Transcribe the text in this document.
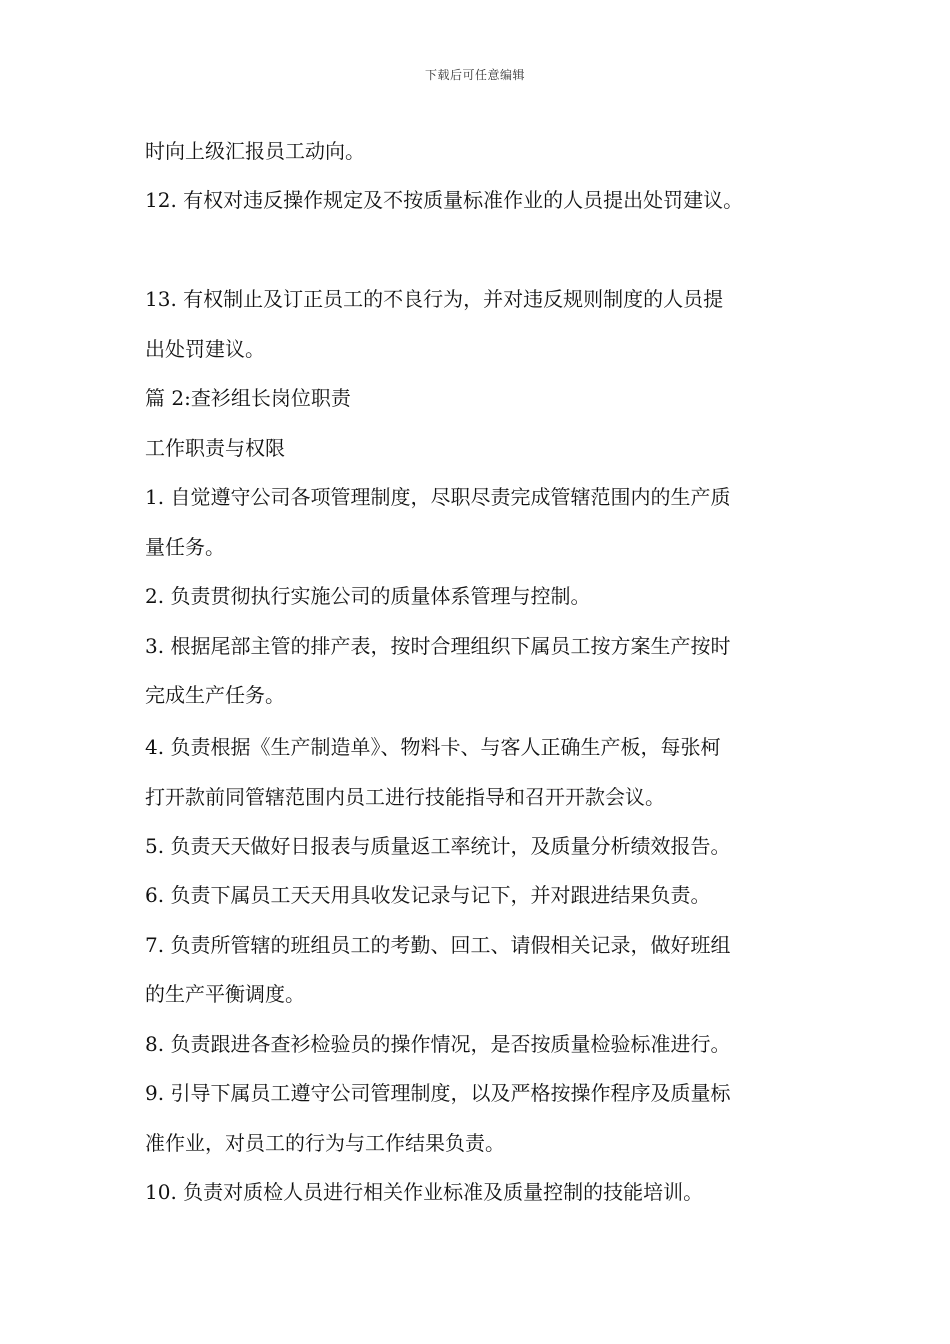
下载后可任意编辑
时向上级汇报员工动向。
12. 有权对违反操作规定及不按质量标准作业的人员提出处罚建议。
13. 有权制止及订正员工的不良行为，并对违反规则制度的人员提
出处罚建议。
篇 2:查衫组长岗位职责
工作职责与权限
1. 自觉遵守公司各项管理制度，尽职尽责完成管辖范围内的生产质
量任务。
2. 负责贯彻执行实施公司的质量体系管理与控制。
3. 根据尾部主管的排产表，按时合理组织下属员工按方案生产按时
完成生产任务。
4. 负责根据《生产制造单》、物料卡、与客人正确生产板，每张柯
打开款前同管辖范围内员工进行技能指导和召开开款会议。
5. 负责天天做好日报表与质量返工率统计，及质量分析绩效报告。
6. 负责下属员工天天用具收发记录与记下，并对跟进结果负责。
7. 负责所管辖的班组员工的考勤、回工、请假相关记录，做好班组
的生产平衡调度。
8. 负责跟进各查衫检验员的操作情况，是否按质量检验标准进行。
9. 引导下属员工遵守公司管理制度，以及严格按操作程序及质量标
准作业，对员工的行为与工作结果负责。
10. 负责对质检人员进行相关作业标准及质量控制的技能培训。
